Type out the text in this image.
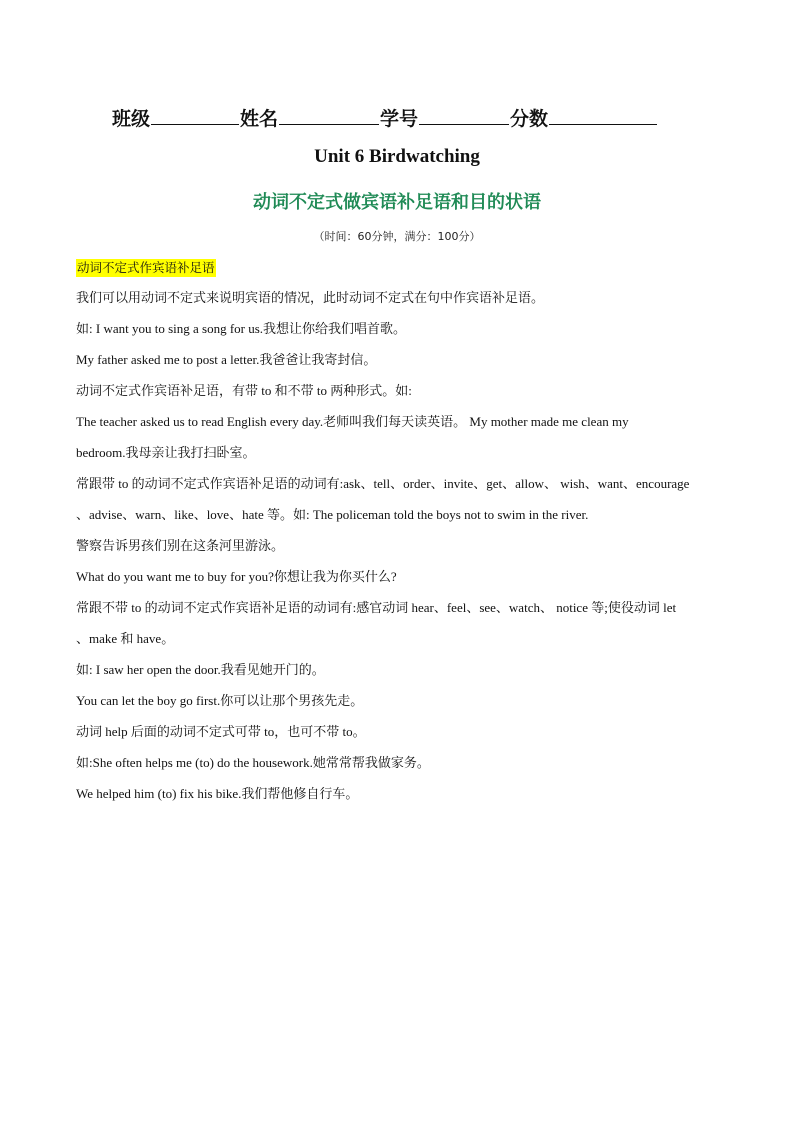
班级	姓名	学号	分数
Unit 6 Birdwatching
动词不定式做宾语补足语和目的状语
（时间：60分钟，满分：100分）
动词不定式作宾语补足语
我们可以用动词不定式来说明宾语的情况，此时动词不定式在句中作宾语补足语。
如: I want you to sing a song for us.我想让你给我们唱首歌。
My father asked me to post a letter.我爸爸让我寄封信。
动词不定式作宾语补足语，有带 to 和不带 to 两种形式。如:
The teacher asked us to read English every day.老师叫我们每天读英语。 My mother made me clean my
bedroom.我母亲让我打扫卧室。
常跟带 to 的动词不定式作宾语补足语的动词有:ask、tell、order、invite、get、allow、 wish、want、encourage
、advise、warn、like、love、hate 等。如: The policeman told the boys not to swim in the river.
警察告诉男孩们别在这条河里游泳。
What do you want me to buy for you?你想让我为你买什么?
常跟不带 to 的动词不定式作宾语补足语的动词有:感官动词 hear、feel、see、watch、 notice 等;使役动词 let
、make 和 have。
如: I saw her open the door.我看见她开门的。
You can let the boy go first.你可以让那个男孩先走。
动词 help 后面的动词不定式可带 to，也可不带 to。
如:She often helps me (to) do the housework.她常常帮我做家务。
We helped him (to) fix his bike.我们帮他修自行车。
